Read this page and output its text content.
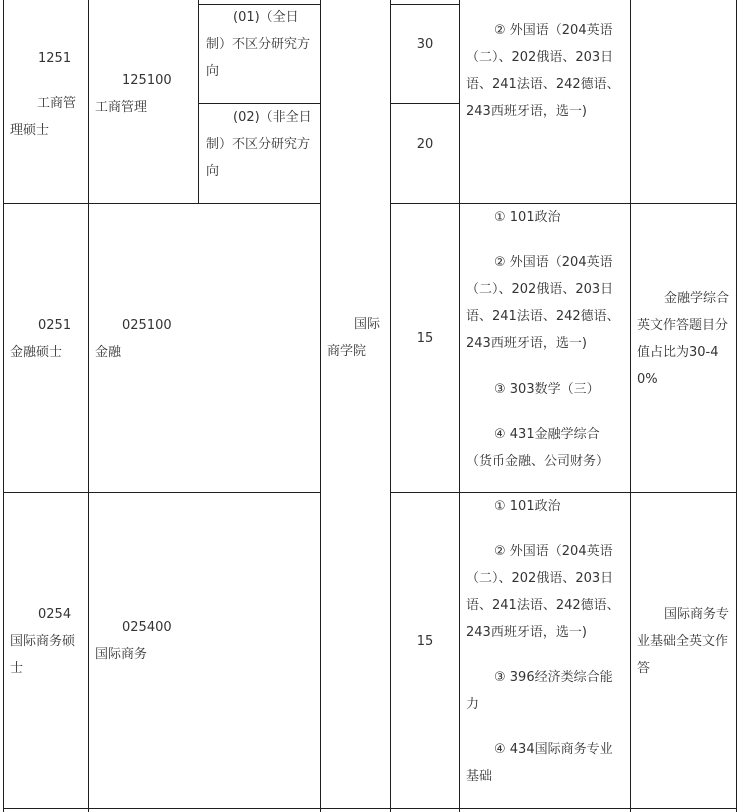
1251
工商管
理硕士
125100
工商管理
(01)（全日
制）不区分研究方
向
(02)（非全日
制）不区分研究方
向
30
20
② 外国语（204英语
（二）、202俄语、203日
语、241法语、242德语、
243西班牙语，选一)
国际
商学院
0251
金融硕士
025100
金融
15
① 101政治
② 外国语（204英语
（二）、202俄语、203日
语、241法语、242德语、
243西班牙语，选一)
③ 303数学（三）
④ 431金融学综合
（货币金融、公司财务）
金融学综合
英文作答题目分
值占比为30-4
0%
0254
国际商务硕
士
025400
国际商务
15
① 101政治
② 外国语（204英语
（二）、202俄语、203日
语、241法语、242德语、
243西班牙语，选一)
③ 396经济类综合能
力
④ 434国际商务专业
基础
国际商务专
业基础全英文作
答
